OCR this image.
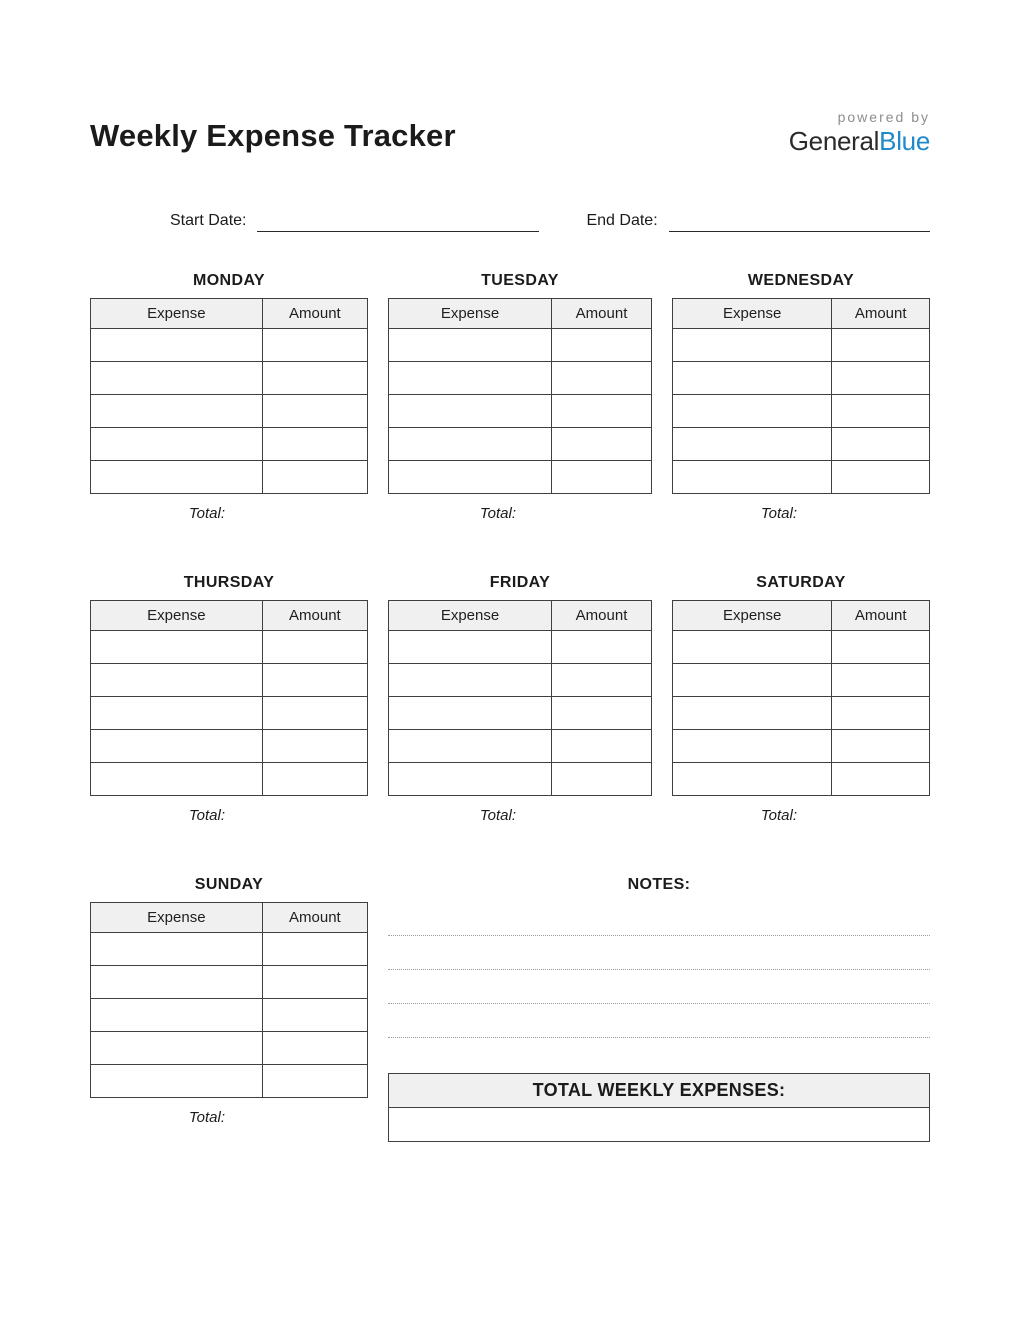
Weekly Expense Tracker
powered by
GeneralBlue
Start Date:	End Date:
MONDAY
Expense	Amount

Total:
TUESDAY
Expense	Amount

Total:
WEDNESDAY
Expense	Amount

Total:
THURSDAY
Expense	Amount

Total:
FRIDAY
Expense	Amount

Total:
SATURDAY
Expense	Amount

Total:
SUNDAY
Expense	Amount

Total:
NOTES:
TOTAL WEEKLY EXPENSES:
